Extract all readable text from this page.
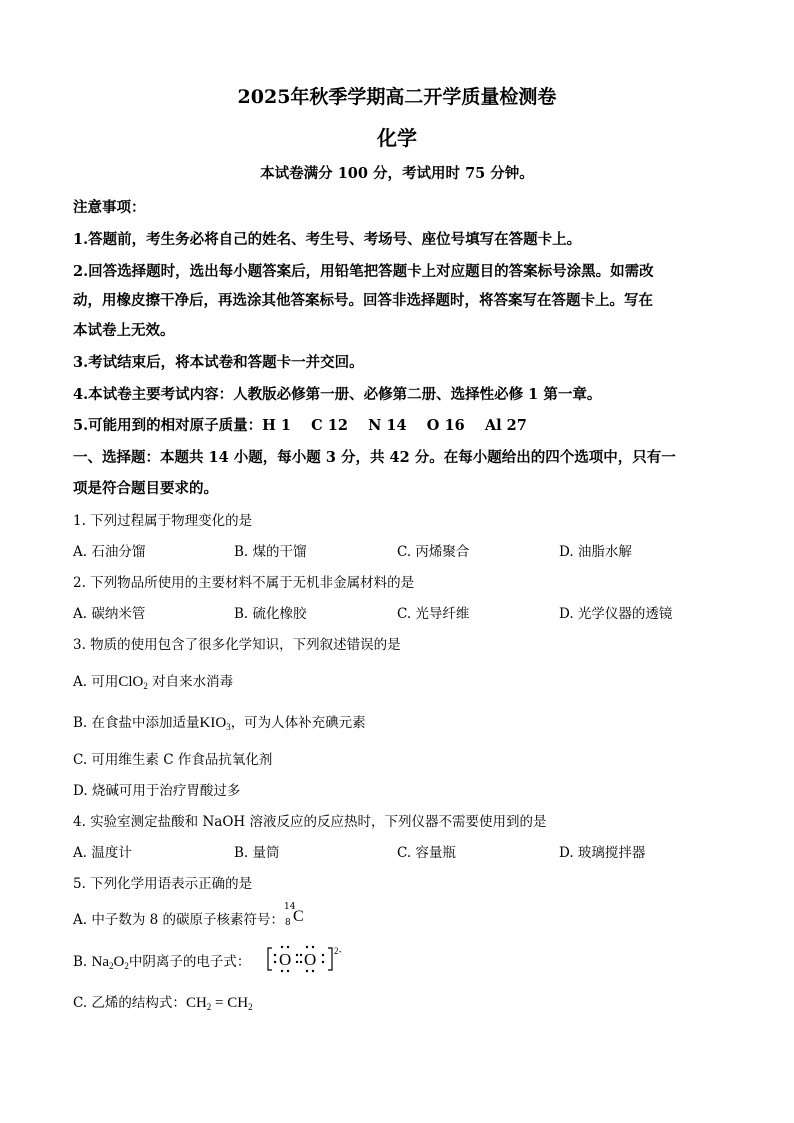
2025年秋季学期高二开学质量检测卷
化学
本试卷满分 100 分，考试用时 75 分钟。
注意事项：
1.答题前，考生务必将自己的姓名、考生号、考场号、座位号填写在答题卡上。
2.回答选择题时，选出每小题答案后，用铅笔把答题卡上对应题目的答案标号涂黑。如需改
动，用橡皮擦干净后，再选涂其他答案标号。回答非选择题时，将答案写在答题卡上。写在
本试卷上无效。
3.考试结束后，将本试卷和答题卡一并交回。
4.本试卷主要考试内容：人教版必修第一册、必修第二册、选择性必修 1 第一章。
5.可能用到的相对原子质量：H 1    C 12    N 14    O 16    Al 27
一、选择题：本题共 14 小题，每小题 3 分，共 42 分。在每小题给出的四个选项中，只有一
项是符合题目要求的。
1. 下列过程属于物理变化的是
A. 石油分馏	B. 煤的干馏	C. 丙烯聚合	D. 油脂水解
2. 下列物品所使用的主要材料不属于无机非金属材料的是
A. 碳纳米管	B. 硫化橡胶	C. 光导纤维	D. 光学仪器的透镜
3. 物质的使用包含了很多化学知识，下列叙述错误的是
A. 可用ClO$_2$ 对自来水消毒
B. 在食盐中添加适量$KIO_3$，可为人体补充碘元素
C. 可用维生素 C 作食品抗氧化剂
D. 烧碱可用于治疗胃酸过多
4. 实验室测定盐酸和 NaOH 溶液反应的反应热时，下列仪器不需要使用到的是
A. 温度计	B. 量筒	C. 容量瓶	D. 玻璃搅拌器
5. 下列化学用语表示正确的是
A. 中子数为 8 的碳原子核素符号：
14
8 C
B. $Na_2O_2$中阴离子的电子式： O O 2-
C. 乙烯的结构式：$CH_2 = CH_2$
